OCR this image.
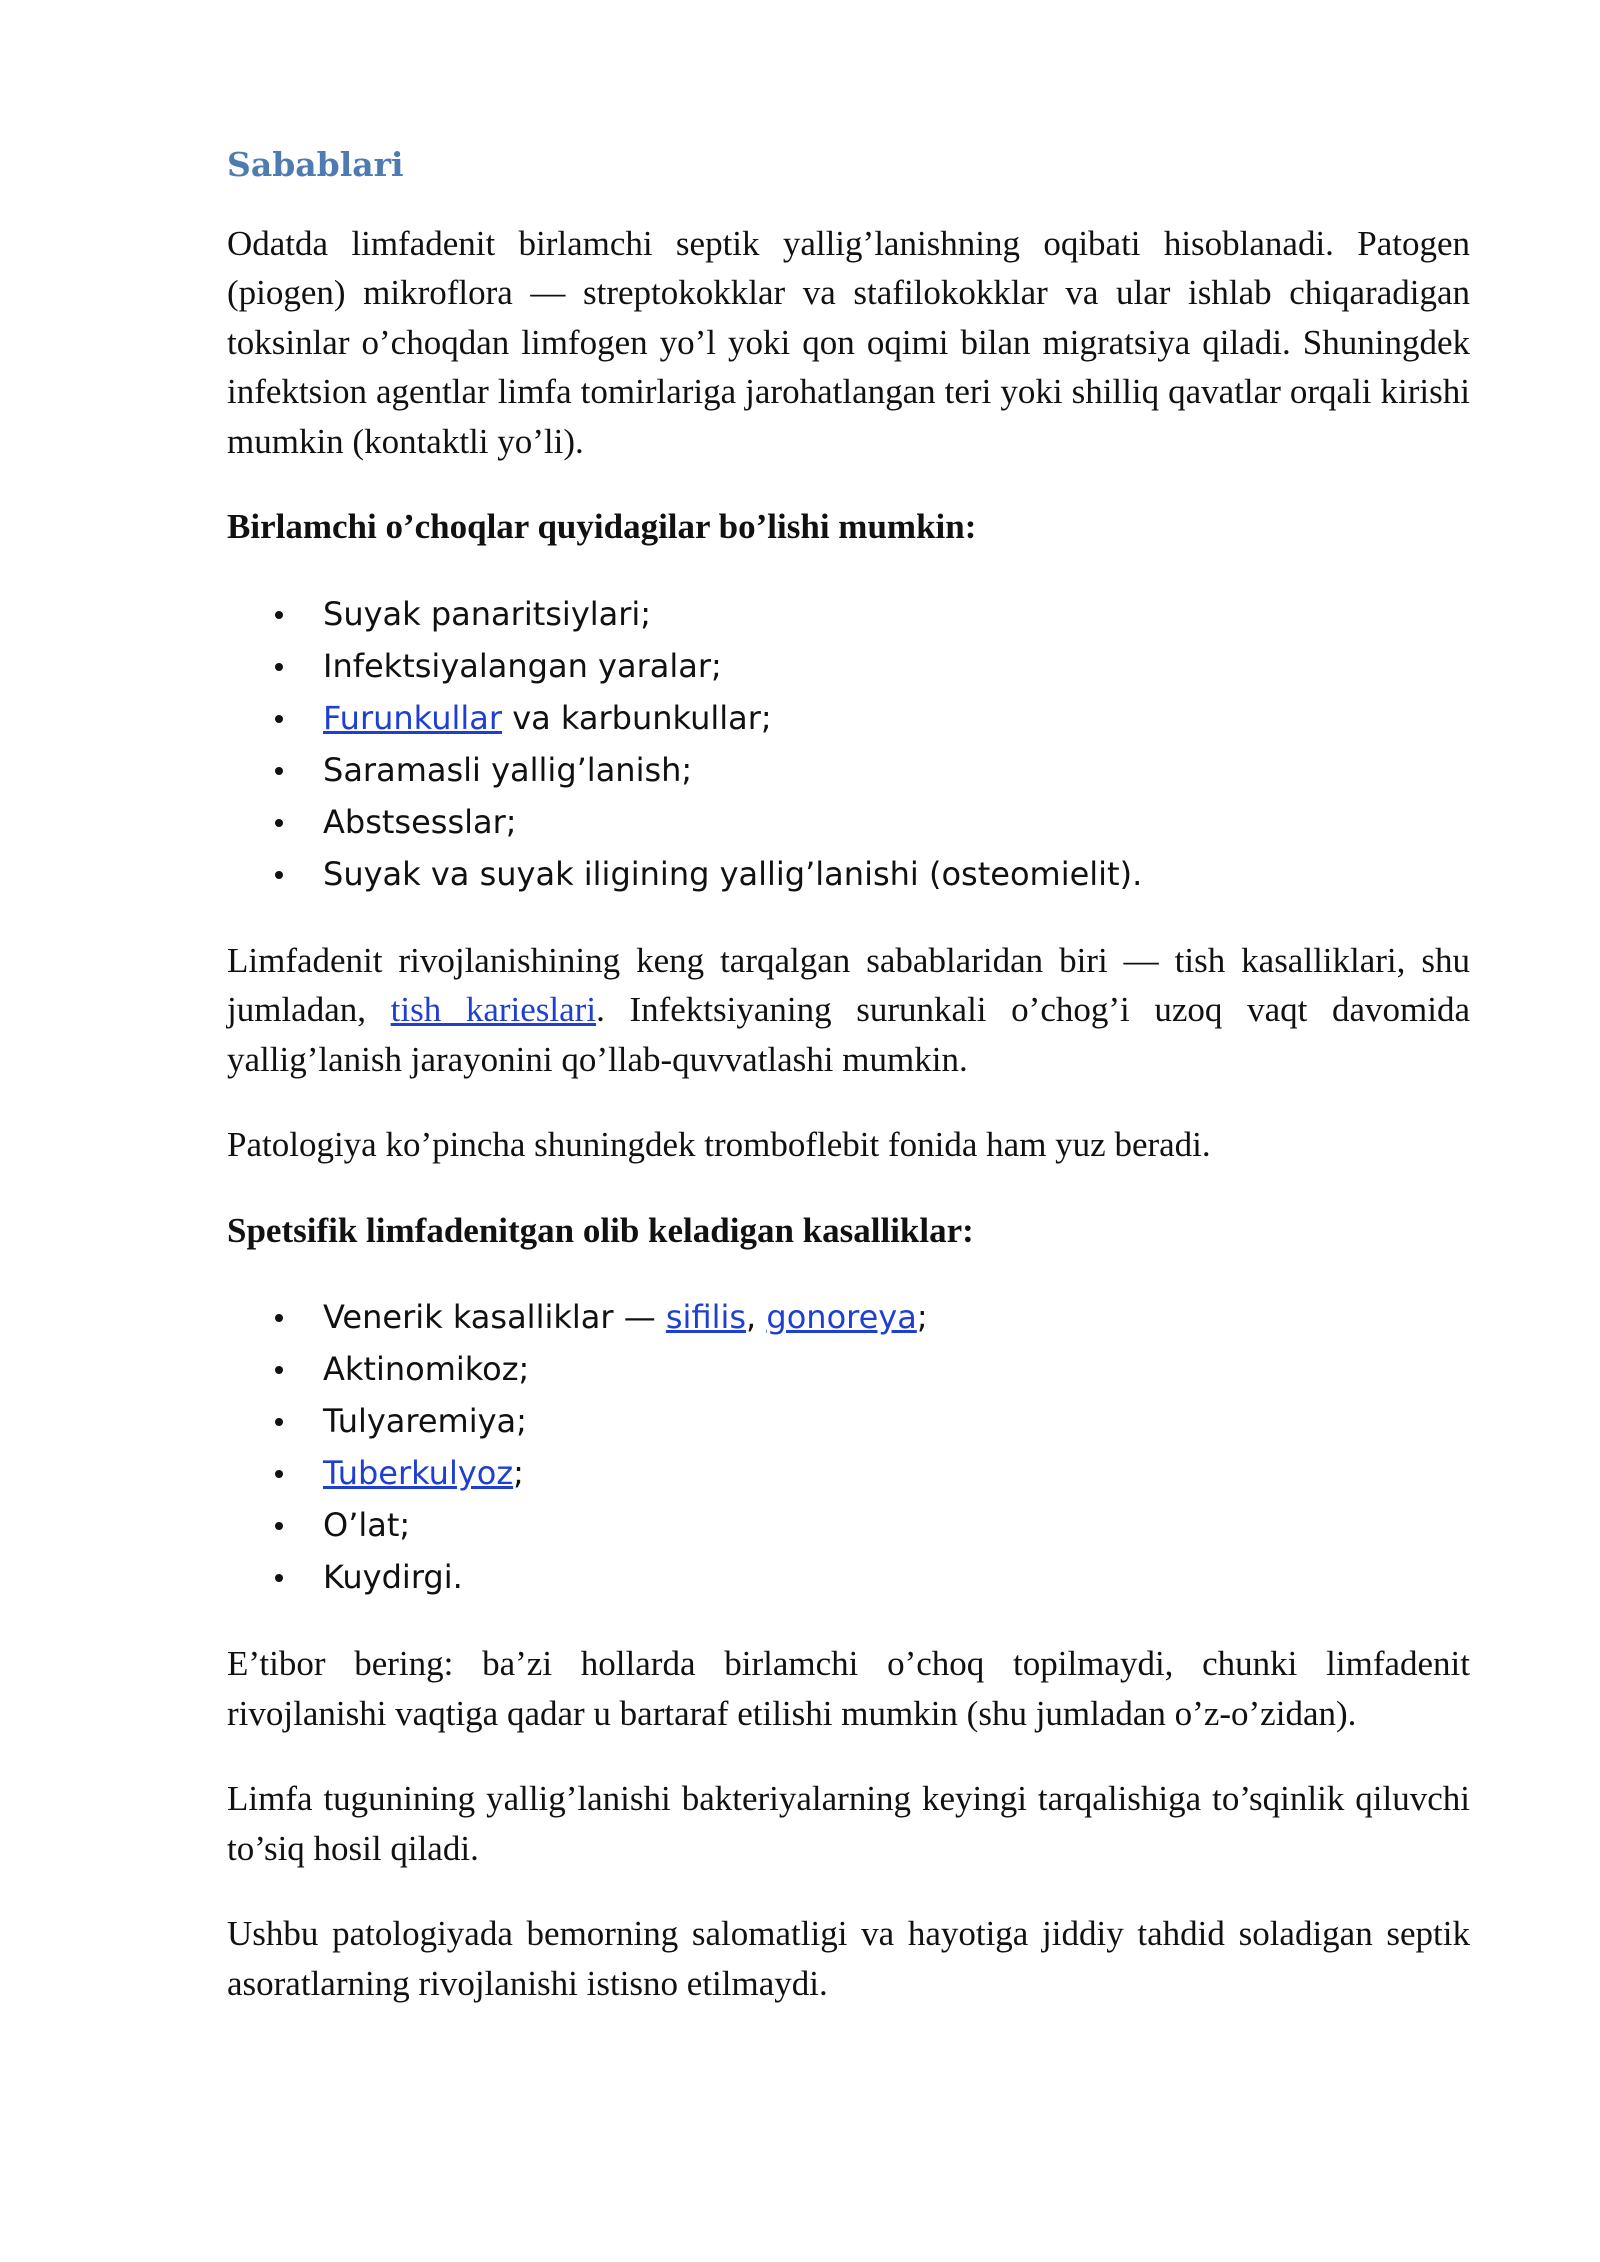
Sabablari

Odatda limfadenit birlamchi septik yallig’lanishning oqibati hisoblanadi. Patogen (piogen) mikroflora — streptokokklar va stafilokokklar va ular ishlab chiqaradigan toksinlar o’choqdan limfogen yo’l yoki qon oqimi bilan migratsiya qiladi. Shuningdek infektsion agentlar limfa tomirlariga jarohatlangan teri yoki shilliq qavatlar orqali kirishi mumkin (kontaktli yo’li).

Birlamchi o’choqlar quyidagilar bo’lishi mumkin:

Suyak panaritsiylari;
Infektsiyalangan yaralar;
Furunkullar va karbunkullar;
Saramasli yallig’lanish;
Abstsesslar;
Suyak va suyak iligining yallig’lanishi (osteomielit).

Limfadenit rivojlanishining keng tarqalgan sabablaridan biri — tish kasalliklari, shu jumladan, tish karieslari. Infektsiyaning surunkali o’chog’i uzoq vaqt davomida yallig’lanish jarayonini qo’llab-quvvatlashi mumkin.

Patologiya ko’pincha shuningdek tromboflebit fonida ham yuz beradi.

Spetsifik limfadenitgan olib keladigan kasalliklar:

Venerik kasalliklar — sifilis, gonoreya;
Aktinomikoz;
Tulyaremiya;
Tuberkulyoz;
O’lat;
Kuydirgi.

E’tibor bering: ba’zi hollarda birlamchi o’choq topilmaydi, chunki limfadenit rivojlanishi vaqtiga qadar u bartaraf etilishi mumkin (shu jumladan o’z-o’zidan).

Limfa tugunining yallig’lanishi bakteriyalarning keyingi tarqalishiga to’sqinlik qiluvchi to’siq hosil qiladi.

Ushbu patologiyada bemorning salomatligi va hayotiga jiddiy tahdid soladigan septik asoratlarning rivojlanishi istisno etilmaydi.
